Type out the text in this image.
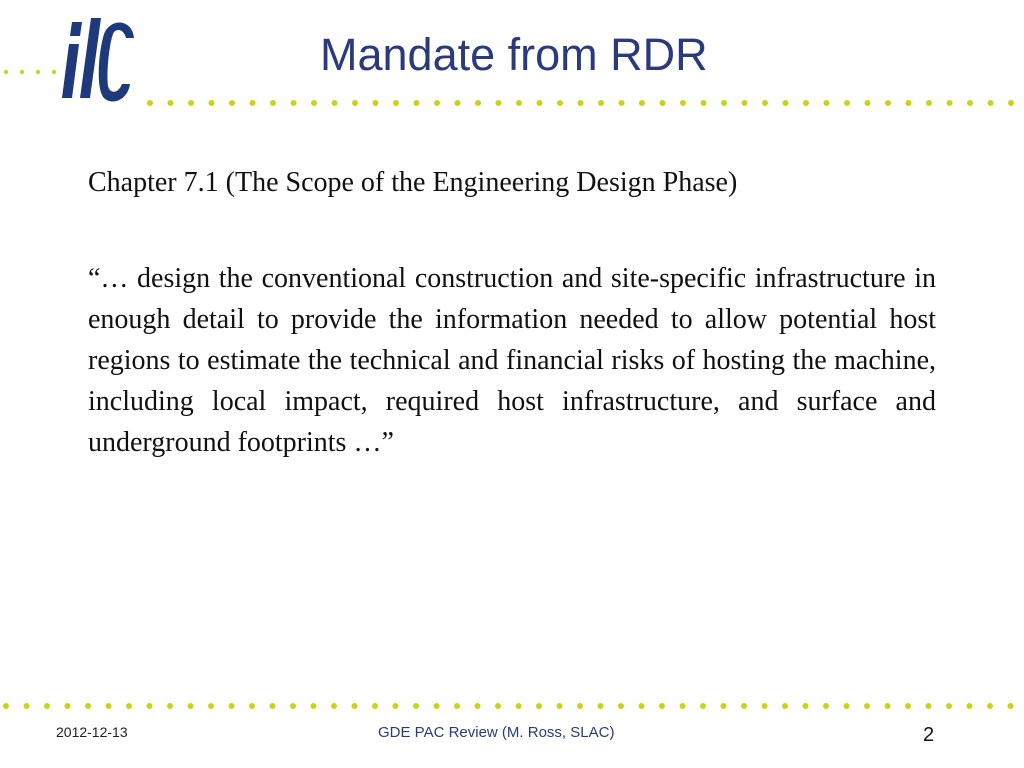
Mandate from RDR
Chapter 7.1 (The Scope of the Engineering Design Phase)
“… design the conventional construction and site-specific infrastructure in enough detail to provide the information needed to allow potential host regions to estimate the technical and financial risks of hosting the machine, including local impact, required host infrastructure, and surface and underground footprints …”
2012-12-13	GDE PAC Review (M. Ross, SLAC)	2
